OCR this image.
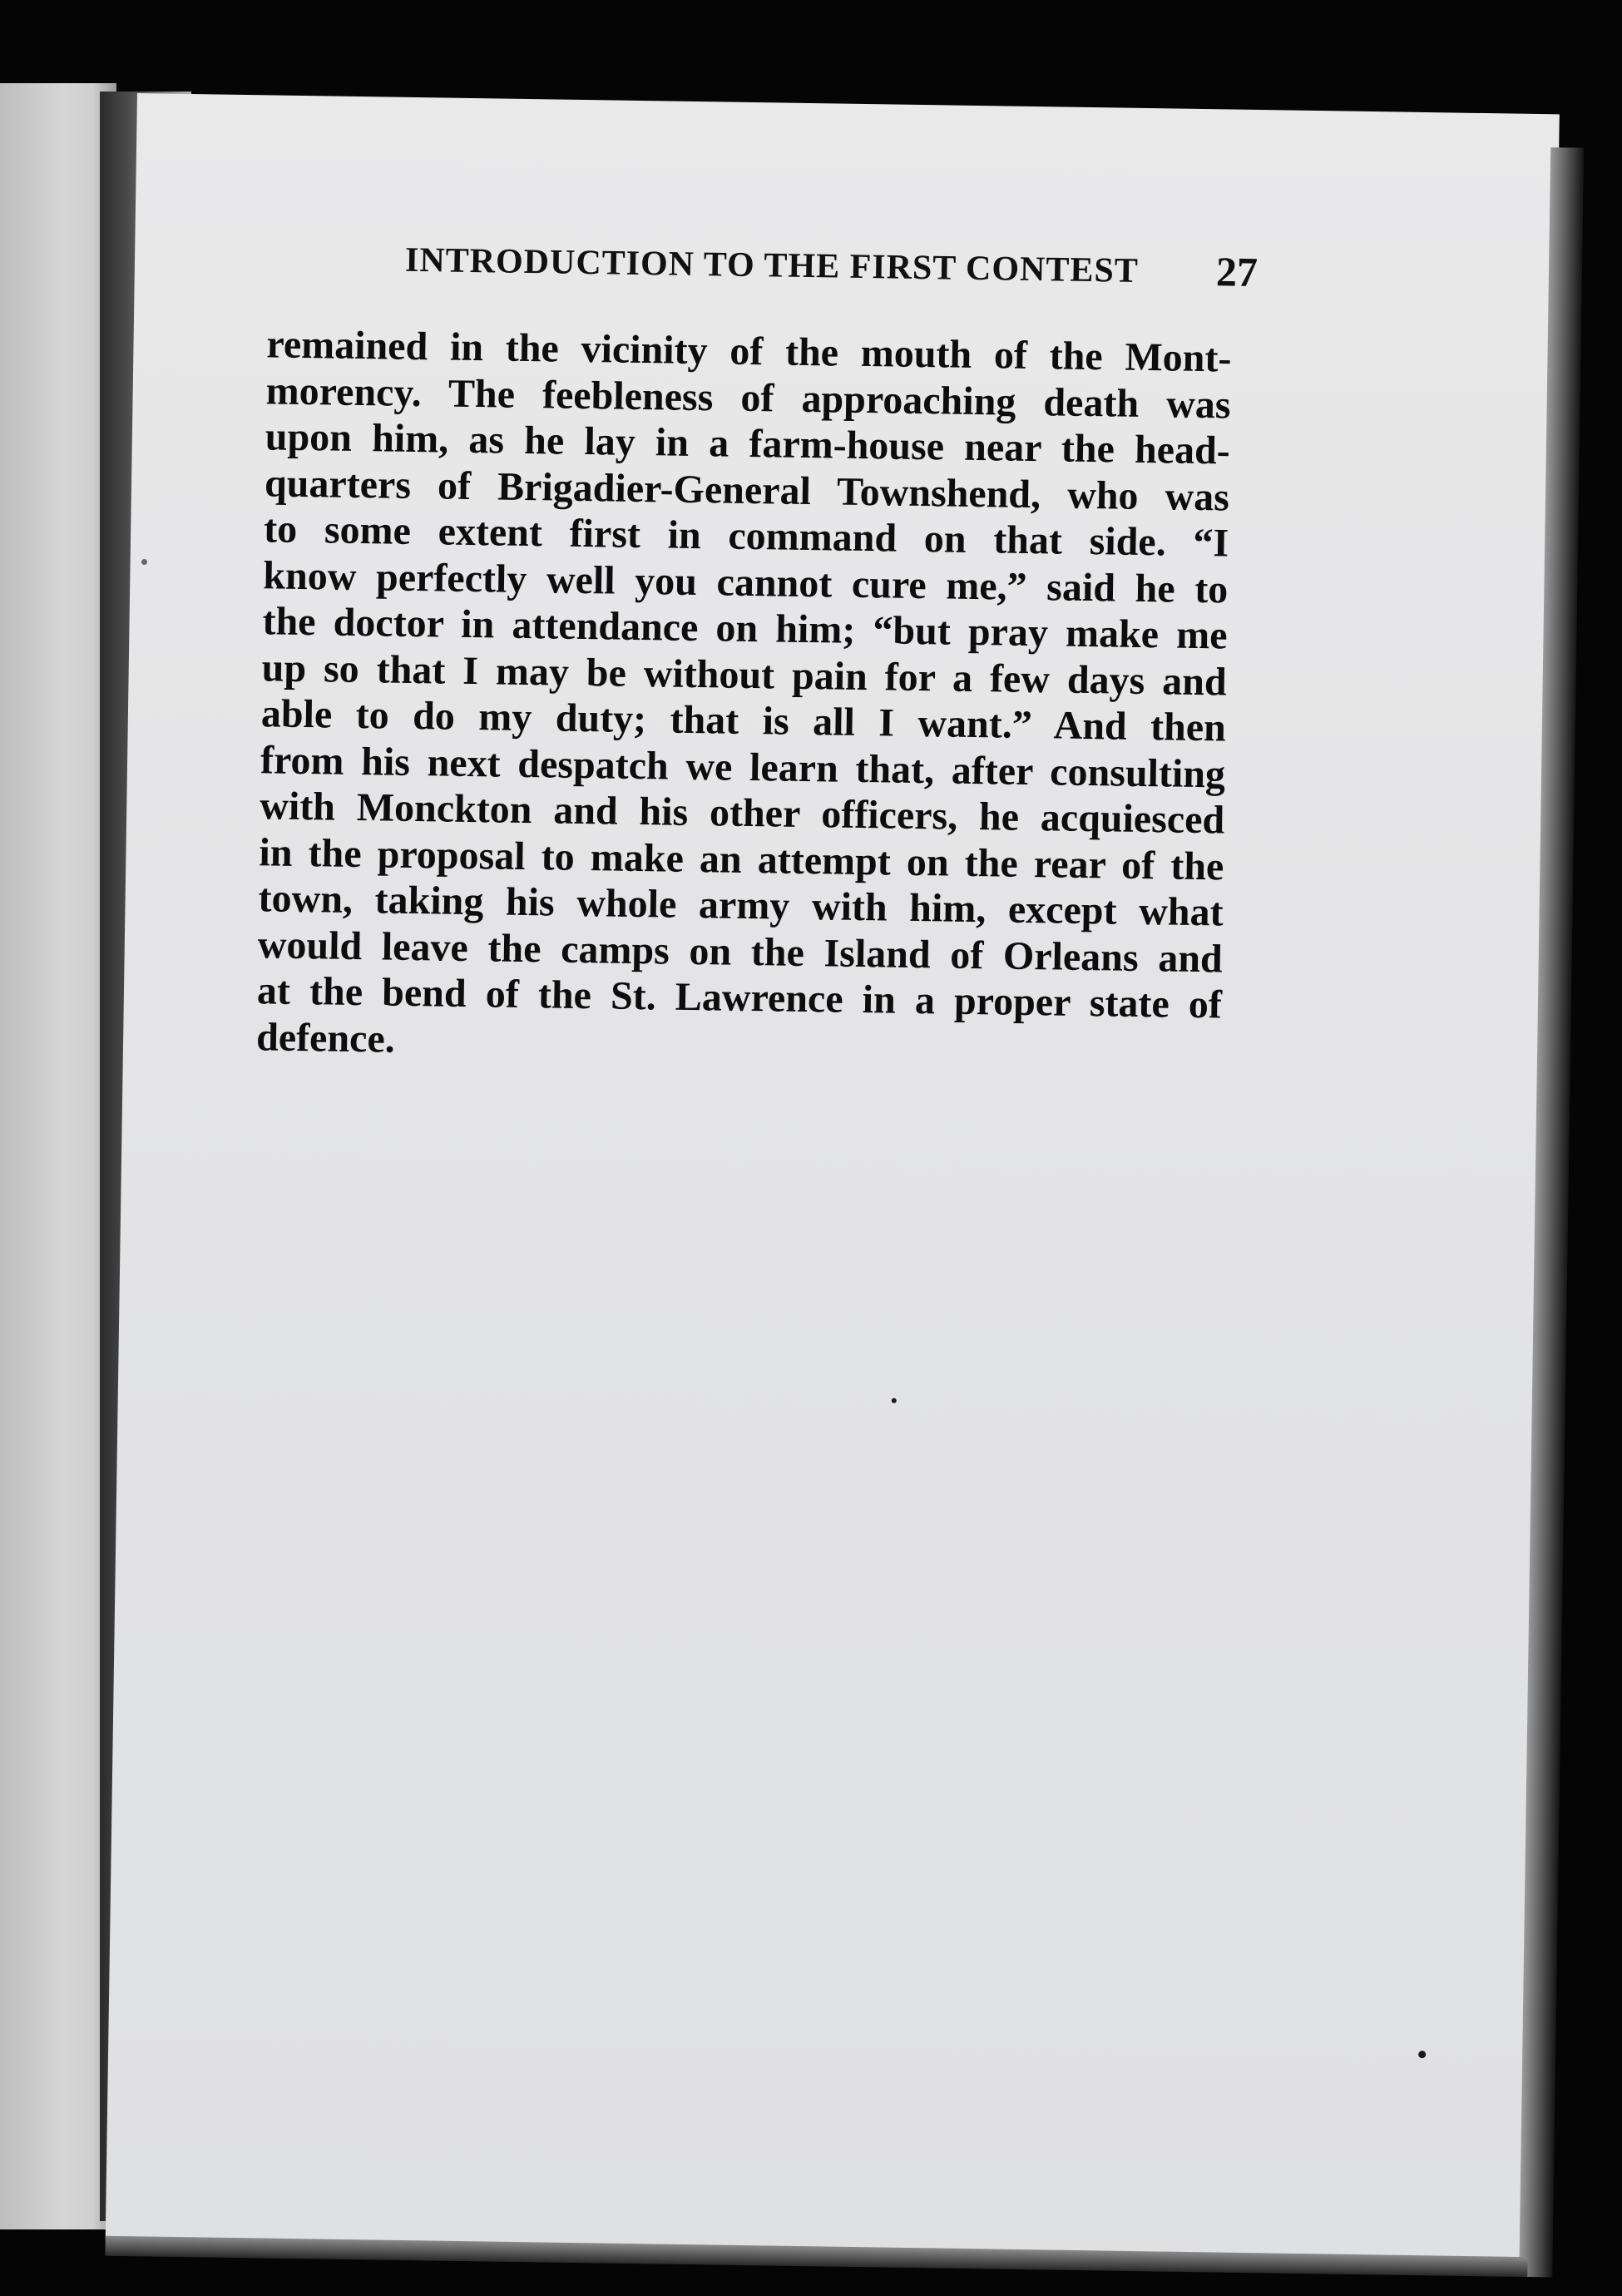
INTRODUCTION TO THE FIRST CONTEST	27
remained in the vicinity of the mouth of the Mont-
morency. The feebleness of approaching death was
upon him, as he lay in a farm-house near the head-
quarters of Brigadier-General Townshend, who was
to some extent first in command on that side. “I
know perfectly well you cannot cure me,” said he to
the doctor in attendance on him; “but pray make me
up so that I may be without pain for a few days and
able to do my duty; that is all I want.” And then
from his next despatch we learn that, after consulting
with Monckton and his other officers, he acquiesced
in the proposal to make an attempt on the rear of the
town, taking his whole army with him, except what
would leave the camps on the Island of Orleans and
at the bend of the St. Lawrence in a proper state of
defence.
